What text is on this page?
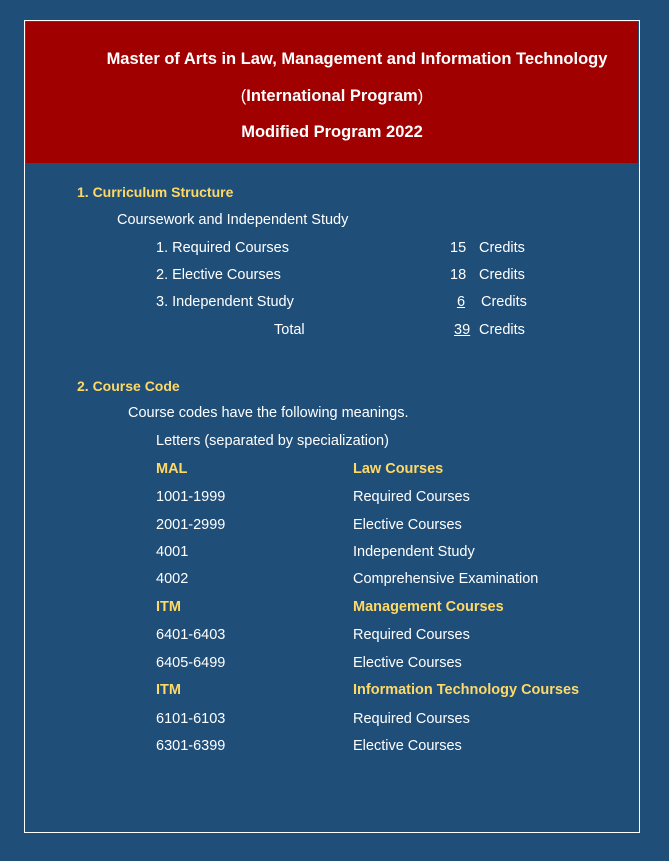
Master of Arts in Law, Management and Information Technology
(International Program)
Modified Program 2022
1. Curriculum Structure
Coursework and Independent Study
1. Required Courses	15 Credits
2. Elective Courses	18 Credits
3. Independent Study	6 Credits
Total	39 Credits
2. Course Code
Course codes have the following meanings.
Letters (separated by specialization)
MAL	Law Courses
1001-1999	Required Courses
2001-2999	Elective Courses
4001	Independent Study
4002	Comprehensive Examination
ITM	Management Courses
6401-6403	Required Courses
6405-6499	Elective Courses
ITM	Information Technology Courses
6101-6103	Required Courses
6301-6399	Elective Courses
